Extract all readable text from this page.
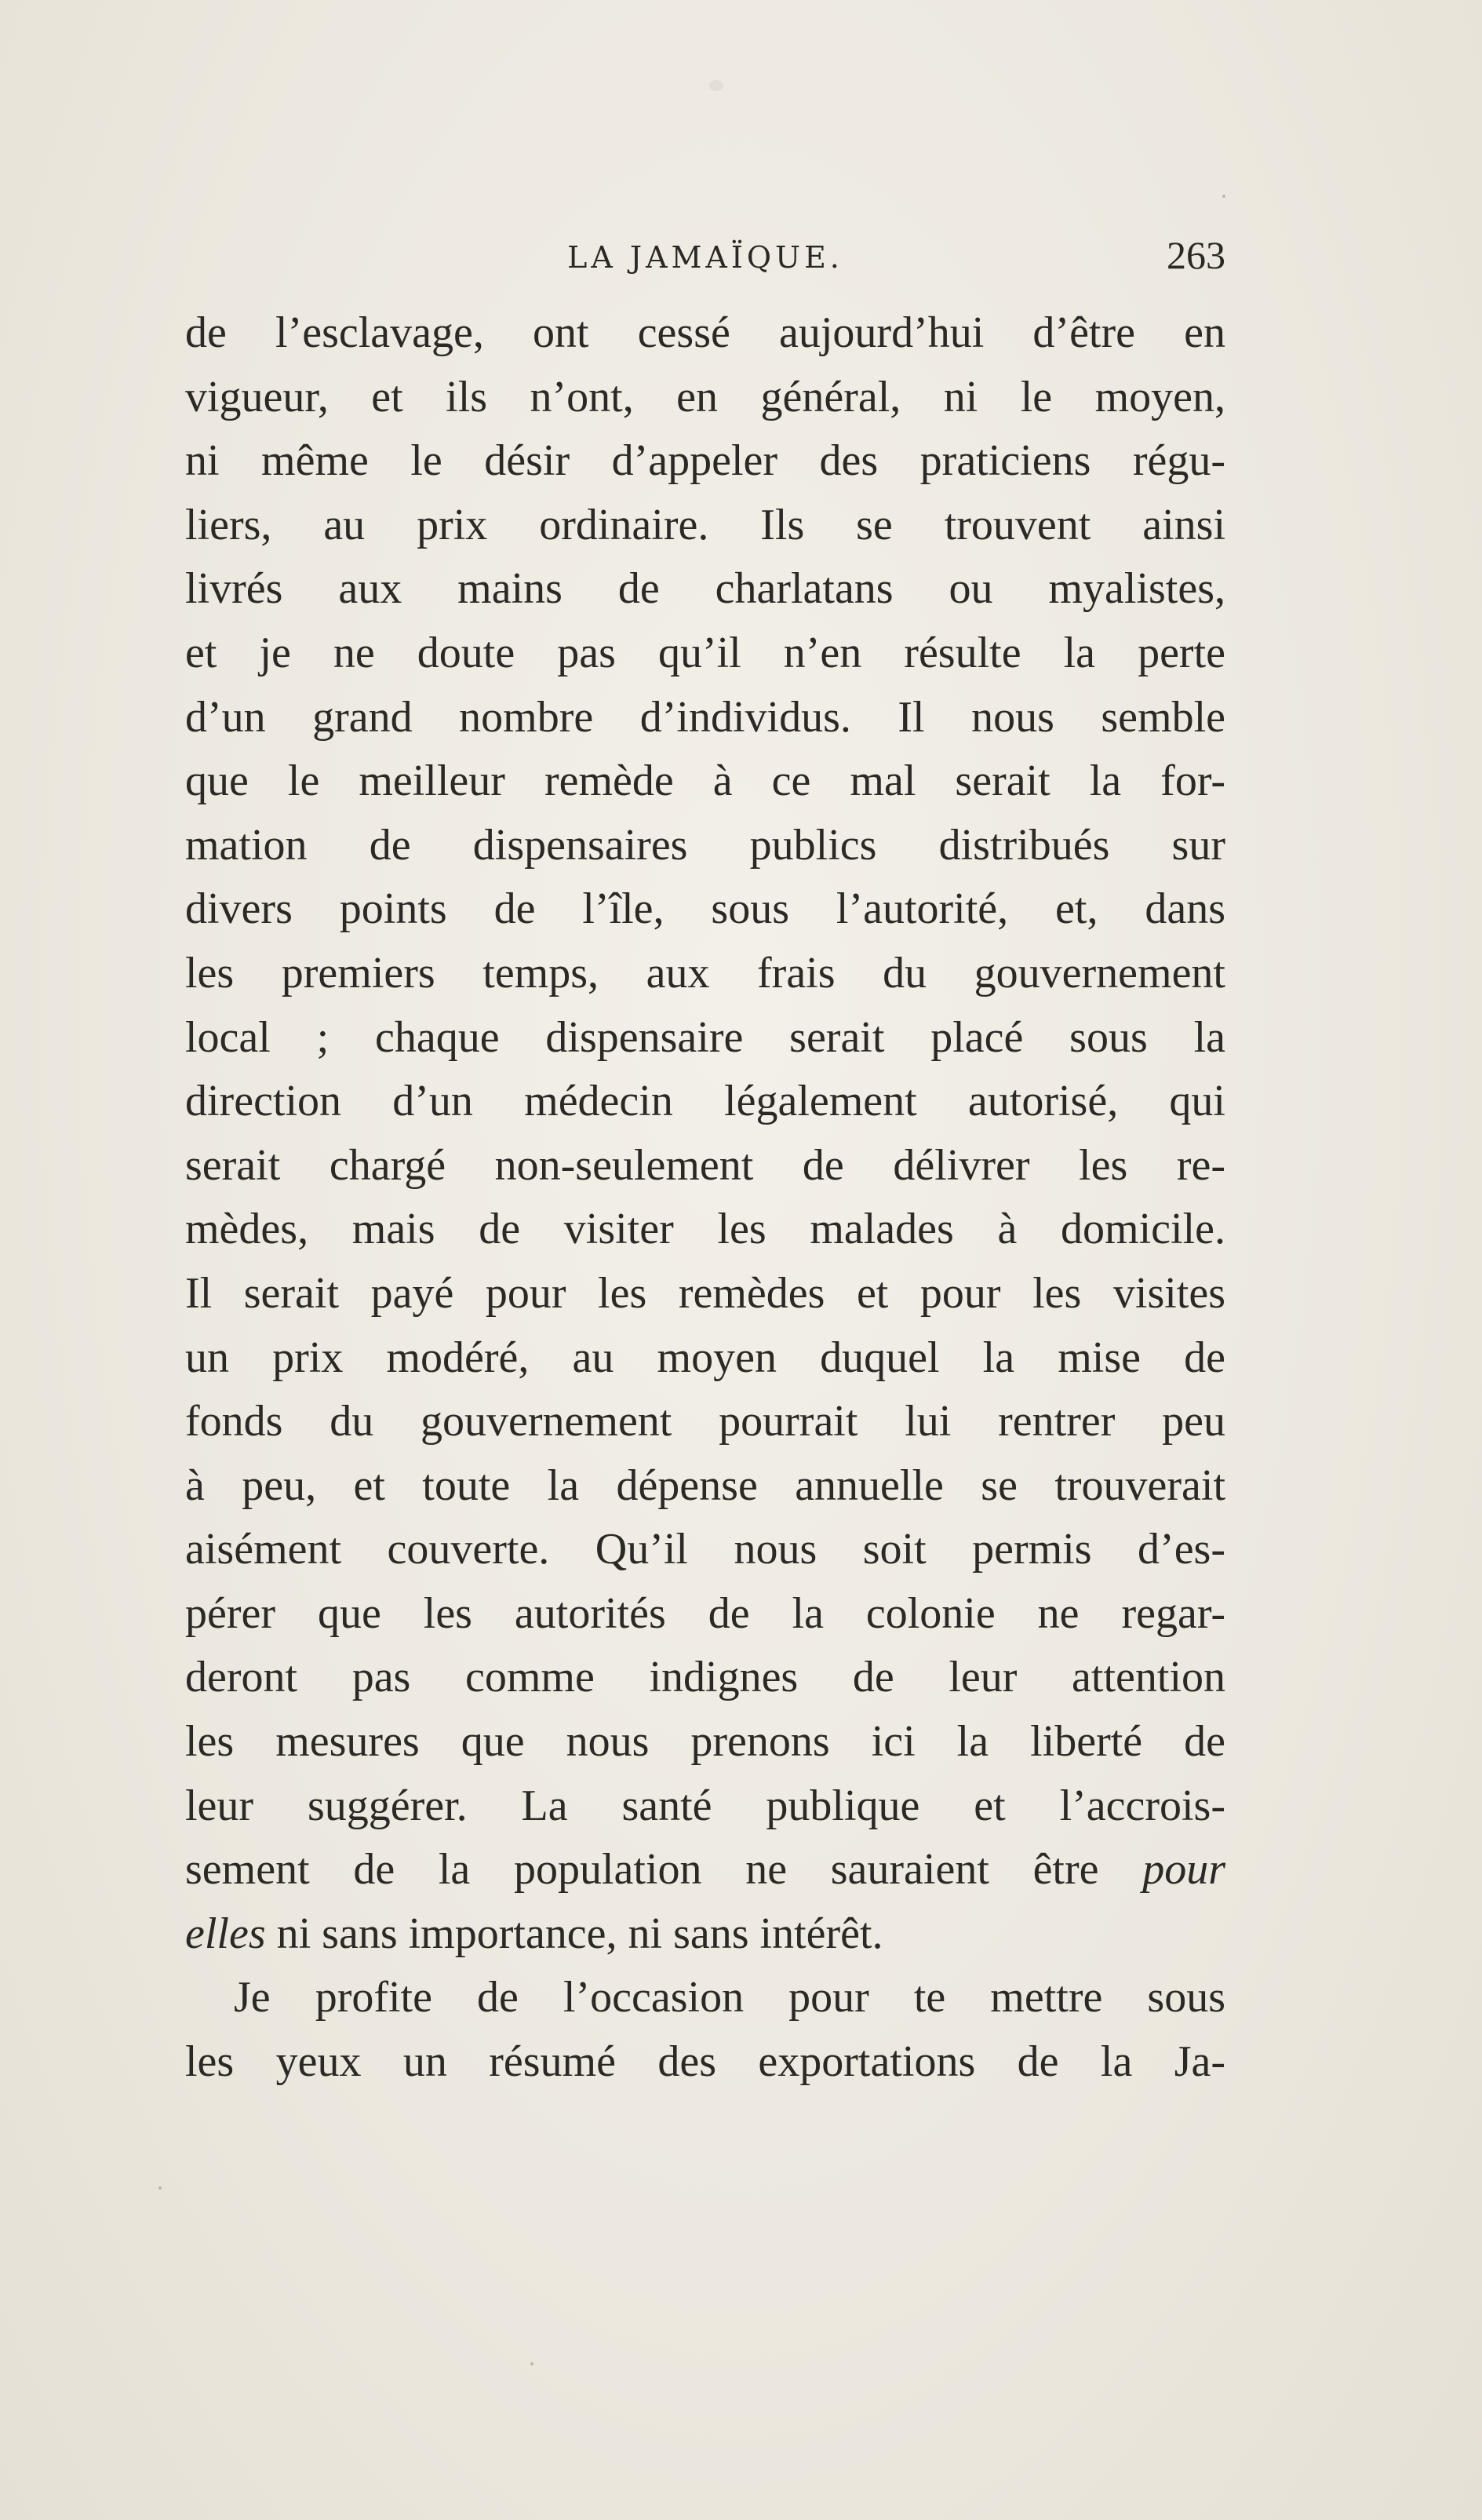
LA JAMAÏQUE.	263
de l’esclavage, ont cessé aujourd’hui d’être en
vigueur, et ils n’ont, en général, ni le moyen,
ni même le désir d’appeler des praticiens régu-
liers, au prix ordinaire. Ils se trouvent ainsi
livrés aux mains de charlatans ou myalistes,
et je ne doute pas qu’il n’en résulte la perte
d’un grand nombre d’individus. Il nous semble
que le meilleur remède à ce mal serait la for-
mation de dispensaires publics distribués sur
divers points de l’île, sous l’autorité, et, dans
les premiers temps, aux frais du gouvernement
local ; chaque dispensaire serait placé sous la
direction d’un médecin légalement autorisé, qui
serait chargé non-seulement de délivrer les re-
mèdes, mais de visiter les malades à domicile.
Il serait payé pour les remèdes et pour les visites
un prix modéré, au moyen duquel la mise de
fonds du gouvernement pourrait lui rentrer peu
à peu, et toute la dépense annuelle se trouverait
aisément couverte. Qu’il nous soit permis d’es-
pérer que les autorités de la colonie ne regar-
deront pas comme indignes de leur attention
les mesures que nous prenons ici la liberté de
leur suggérer. La santé publique et l’accrois-
sement de la population ne sauraient être pour
elles ni sans importance, ni sans intérêt.
Je profite de l’occasion pour te mettre sous
les yeux un résumé des exportations de la Ja-
